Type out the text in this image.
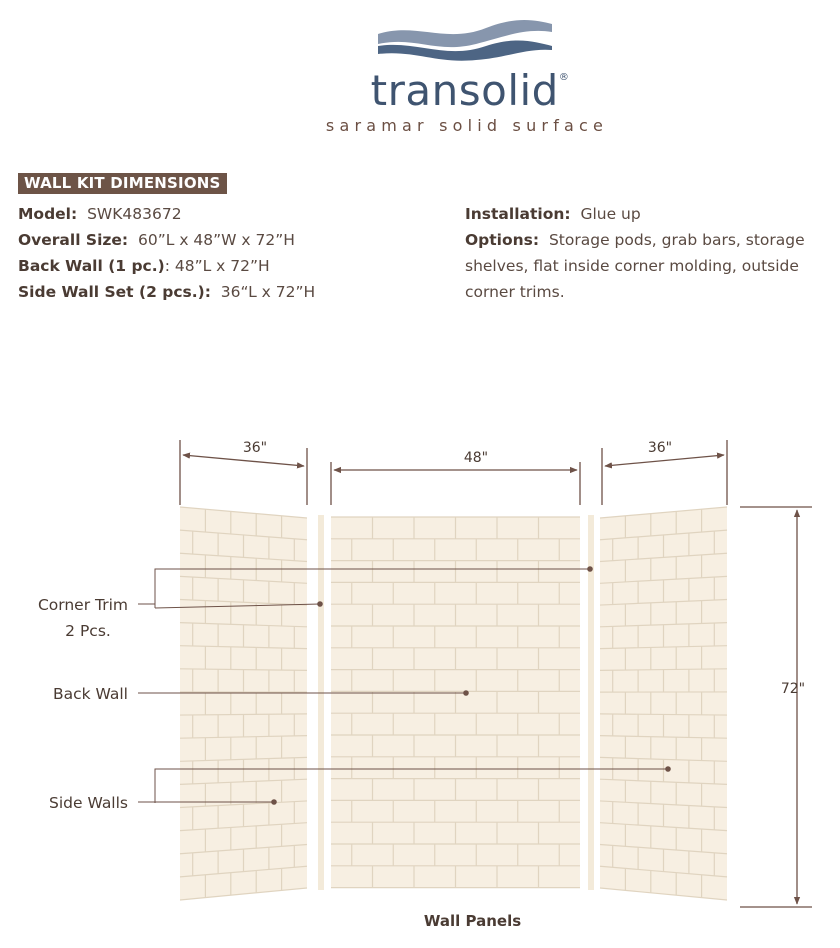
transolid®
saramar solid surface
WALL KIT DIMENSIONS
Model: SWK483672
Overall Size: 60”L x 48”W x 72”H
Back Wall (1 pc.): 48”L x 72”H
Side Wall Set (2 pcs.): 36“L x 72”H
Installation: Glue up
Options: Storage pods, grab bars, storage shelves, flat inside corner molding, outside corner trims.
36"
48"
36"
72"
Corner Trim
2 Pcs.
Back Wall
Side Walls
Wall Panels
